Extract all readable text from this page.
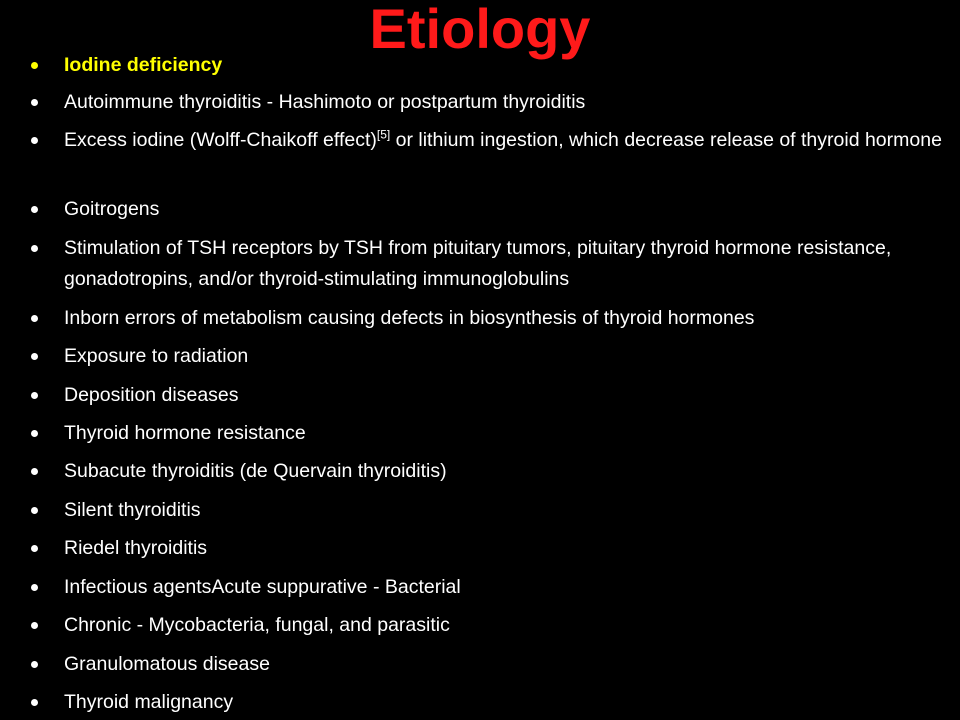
Etiology
Iodine deficiency
Autoimmune thyroiditis - Hashimoto or postpartum thyroiditis
Excess iodine (Wolff-Chaikoff effect)[5] or lithium ingestion, which decrease release of thyroid hormone
Goitrogens
Stimulation of TSH receptors by TSH from pituitary tumors, pituitary thyroid hormone resistance, gonadotropins, and/or thyroid-stimulating immunoglobulins
Inborn errors of metabolism causing defects in biosynthesis of thyroid hormones
Exposure to radiation
Deposition diseases
Thyroid hormone resistance
Subacute thyroiditis (de Quervain thyroiditis)
Silent thyroiditis
Riedel thyroiditis
Infectious agentsAcute suppurative - Bacterial
Chronic - Mycobacteria, fungal, and parasitic
Granulomatous disease
Thyroid malignancy
